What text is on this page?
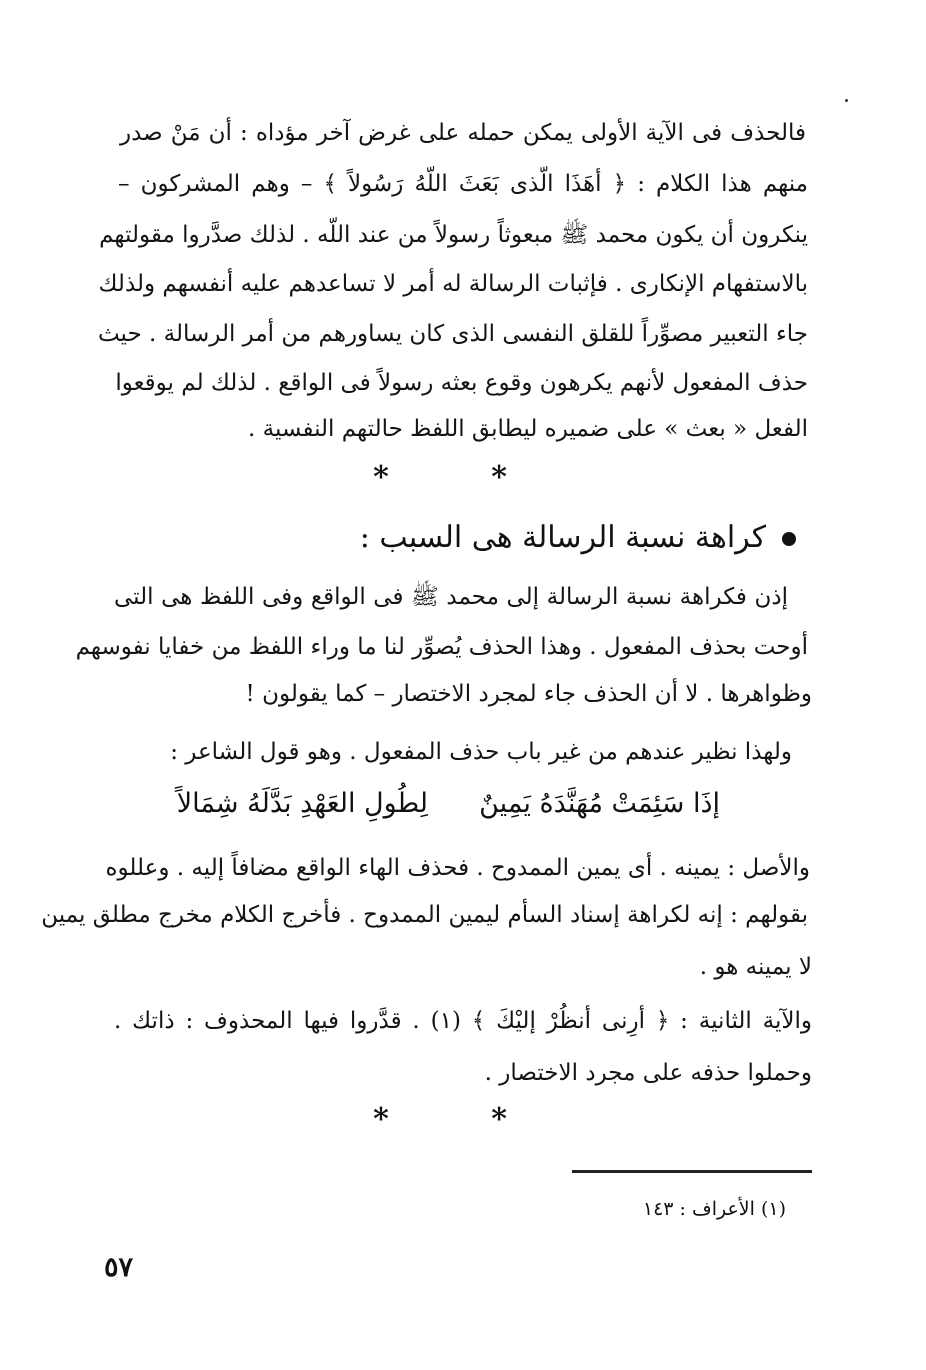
فالحذف فى الآية الأولى يمكن حمله على غرض آخر مؤداه : أن مَنْ صدر
منهم هذا الكلام : ﴿ أهَذَا الّذى بَعَثَ اللّهُ رَسُولاً ﴾ – وهم المشركون –
ينكرون أن يكون محمد ﷺ مبعوثاً رسولاً من عند اللّه . لذلك صدَّروا مقولتهم
بالاستفهام الإنكارى . فإثبات الرسالة له أمر لا تساعدهم عليه أنفسهم ولذلك
جاء التعبير مصوِّراً للقلق النفسى الذى كان يساورهم من أمر الرسالة . حيث
حذف المفعول لأنهم يكرهون وقوع بعثه رسولاً فى الواقع . لذلك لم يوقعوا
الفعل « بعث » على ضميره ليطابق اللفظ حالتهم النفسية .
* *
كراهة نسبة الرسالة هى السبب :
إذن فكراهة نسبة الرسالة إلى محمد ﷺ فى الواقع وفى اللفظ هى التى
أوحت بحذف المفعول . وهذا الحذف يُصوِّر لنا ما وراء اللفظ من خفايا نفوسهم
وظواهرها . لا أن الحذف جاء لمجرد الاختصار – كما يقولون !
ولهذا نظير عندهم من غير باب حذف المفعول . وهو قول الشاعر :
إذَا سَئِمَتْ مُهَنَّدَهُ يَمِينٌ
لِطُولِ العَهْدِ بَدَّلَهُ شِمَالاً
والأصل : يمينه . أى يمين الممدوح . فحذف الهاء الواقع مضافاً إليه . وعللوه
بقولهم : إنه لكراهة إسناد السأم ليمين الممدوح . فأخرج الكلام مخرج مطلق يمين
لا يمينه هو .
والآية الثانية : ﴿ أرِنى أنظُرْ إليْكَ ﴾ (١) . قدَّروا فيها المحذوف : ذاتك .
وحملوا حذفه على مجرد الاختصار .
* *
(١) الأعراف : ١٤٣
٥٧
